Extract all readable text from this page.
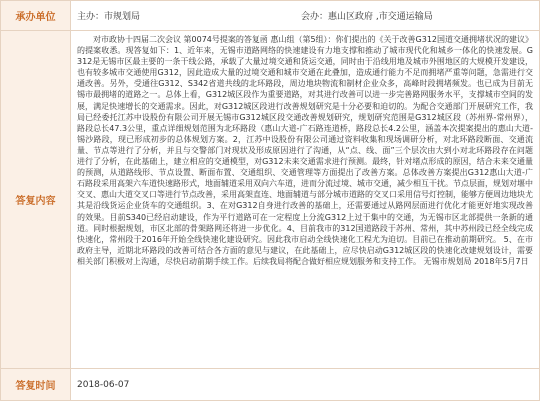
承办单位	主办：市规划局	会办：惠山区政府 ,市交通运输局
答复内容

对市政协十四届二次会议 第0074号提案的答复函 惠山组（第5组）：你们提出的《关于改善G312国道交通拥堵状况的建议》的提案收悉。现答复如下：1、近年来，无锡市道路网络的快速建设有力地支撑和推动了城市现代化和城乡一体化的快速发展。G312是无锡市区最主要的一条干线公路，承载了大量过境交通和货运交通，同时由于沿线用地及城市外围地区的大规模开发建设，也有较多城市交通使用G312，因此造成大量的过境交通和城市交通在此叠加，造成通行能力不足而拥堵严重等问题，急需进行交通改善。另外，受通往G312、S342省道共线的北环路段，周边地块物流和制材企业众多，高峰时段拥堵频发。也已成为目前无锡市最拥堵的道路之一。总体上看，G312城区段作为重要道路，对其进行改善可以进一步完善路网服务水平，支撑城市空间的发展，满足快速增长的交通需求。因此，对G312城区段进行改善规划研究是十分必要和迫切的。为配合交通部门开展研究工作，我局已经委托江苏中设股份有限公司开展无锡市G312城区段交通改善规划研究，规划研究范围是G312城区段（苏州界-常州界），路段总长47.3公里，重点详细规划范围为北环路段（惠山大道-广石路连道桥，路段总长4.2公里，涵盖本次提案提出的惠山大道-锡沙路段，现已形成初步的总体规划方案。2，江苏中设股份有限公司通过资料收集和现场调研分析，对北环路段断面、交通流量、节点等进行了分析，并且与交警部门对现状及形成原因进行了沟通，从“点、线、面”三个层次由大到小对北环路段存在问题进行了分析，在此基础上，建立相应的交通模型，对G312未来交通需求进行预测。最终，针对堵点形成的原因，结合未来交通量的预测，从道路线形、节点设置、断面布置、交通组织、交通管理等方面提出了改善方案。总体改善方案提出G312惠山大道-广石路段采用高架六车道快速路形式，地面辅道采用双向六车道，进而分流过境、城市交通，减少相互干扰。节点层面，规划对堰中交叉、惠山大道交叉口等进行节点改善，采用高架直连、地面辅道与部分城市道路的交叉口采用信号灯控制，能够方便周边地块尤其是沿线货运企业货车的交通组织。3、在对G312自身进行改善的基础上，还需要通过从路网层面进行优化才能更好地实现改善的效果。目前S340已经启动建设，作为平行道路可在一定程度上分流G312上过于集中的交通，为无锡市区北部提供一条新的通道。同时根据规划，市区北部的骨架路网还将进一步优化。4、目前我市的312国道路段于苏州、常州，其中苏州段已经全线完成快速化，常州段于2016年开始全线快速化建设研究。因此我市启动全线快速化工程尤为迫切。目前已在推动前期研究。 5、在市政府主导，近期北环路段的改善可结合各方面的意见与建议，在此基础上，应尽快启动G312城区段的快速化改建规划设计，需要相关部门积极对上沟通，尽快启动前期手续工作。后续我局将配合做好相应规划服务和支持工作。 无锡市规划局 2018年5月7日

答复时间	2018-06-07
